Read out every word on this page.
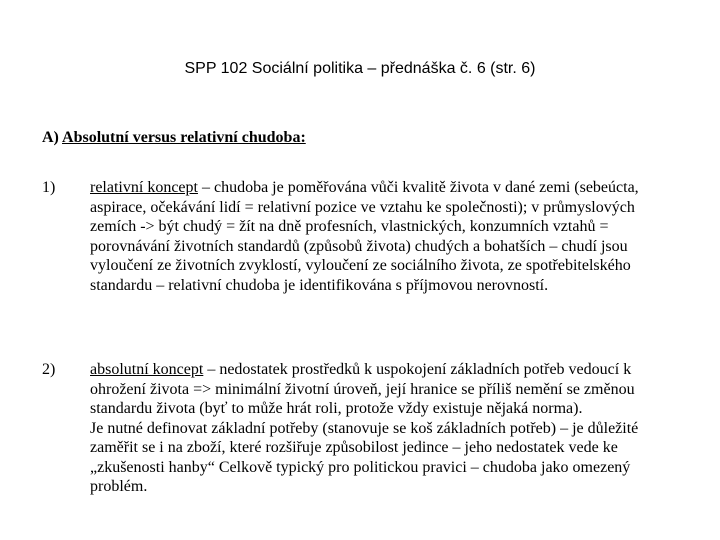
SPP 102 Sociální politika – přednáška č. 6 (str. 6)
A) Absolutní versus relativní chudoba:
1)	relativní koncept – chudoba je poměřována vůči kvalitě života v dané zemi (sebeúcta, aspirace, očekávání lidí = relativní pozice ve vztahu ke společnosti); v průmyslových zemích -> být chudý = žít na dně profesních, vlastnických, konzumních vztahů = porovnávání životních standardů (způsobů života) chudých a bohatších – chudí jsou vyloučení ze životních zvyklostí, vyloučení ze sociálního života, ze spotřebitelského standardu – relativní chudoba je identifikována s příjmovou nerovností.
2)	absolutní koncept – nedostatek prostředků k uspokojení základních potřeb vedoucí k ohrožení života => minimální životní úroveň, její hranice se příliš nemění se změnou standardu života (byť to může hrát roli, protože vždy existuje nějaká norma).
Je nutné definovat základní potřeby (stanovuje se koš základních potřeb) – je důležité zaměřit se i na zboží, které rozšiřuje způsobilost jedince – jeho nedostatek vede ke „zkušenosti hanby“ Celkově typický pro politickou pravici – chudoba jako omezený problém.
